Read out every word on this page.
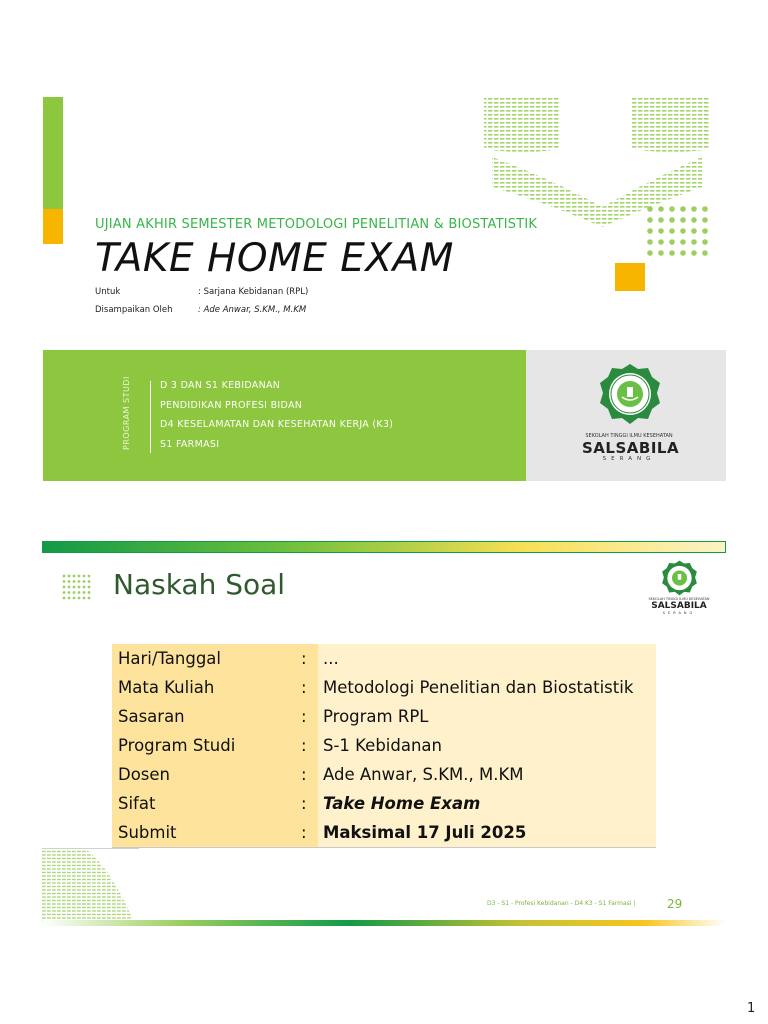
UJIAN AKHIR SEMESTER METODOLOGI PENELITIAN & BIOSTATISTIK
TAKE HOME EXAM
Untuk	: Sarjana Kebidanan (RPL)
Disampaikan Oleh	: Ade Anwar, S.KM., M.KM
PROGRAM STUDI	D 3 DAN S1 KEBIDANAN
PENDIDIKAN PROFESI BIDAN
D4 KESELAMATAN DAN KESEHATAN KERJA (K3)
S1 FARMASI
SEKOLAH TINGGI ILMU KESEHATAN
SALSABILA
SERANG
Naskah Soal	SEKOLAH TINGGI ILMU KESEHATAN
SALSABILA
SERANG
Hari/Tanggal	:	...
Mata Kuliah	:	Metodologi Penelitian dan Biostatistik
Sasaran	:	Program RPL
Program Studi	:	S-1 Kebidanan
Dosen	:	Ade Anwar, S.KM., M.KM
Sifat	:	Take Home Exam
Submit	:	Maksimal 17 Juli 2025
D3 - S1 - Profesi Kebidanan - D4 K3 - S1 Farmasi |	29
1
